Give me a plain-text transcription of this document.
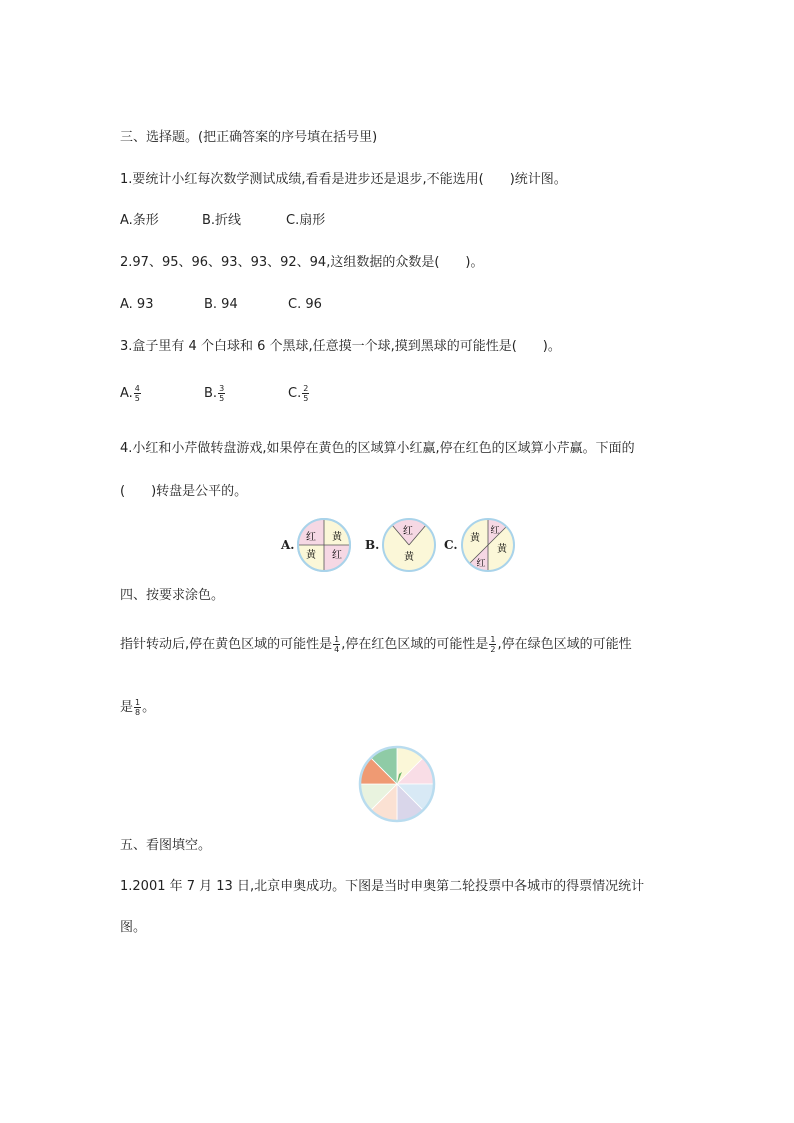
三、选择题。(把正确答案的序号填在括号里)
1.要统计小红每次数学测试成绩,看看是进步还是退步,不能选用(　　)统计图。
A.条形	B.折线	C.扇形
2.97、95、96、93、93、92、94,这组数据的众数是(　　)。
A. 93	B. 94	C. 96
3.盒子里有 4 个白球和 6 个黑球,任意摸一个球,摸到黑球的可能性是(　　)。
A. $\frac{4}{5}$	B. $\frac{3}{5}$	C. $\frac{2}{5}$
4.小红和小芹做转盘游戏,如果停在黄色的区域算小红赢,停在红色的区域算小芹赢。下面的
(　　)转盘是公平的。
A.
红 黄
黄 红
B.
红
黄
C.
红
黄
黄
红
四、按要求涂色。
指针转动后,停在黄色区域的可能性是 $\frac{1}{4}$ ,停在红色区域的可能性是 $\frac{1}{2}$ ,停在绿色区域的可能性
是 $\frac{1}{8}$ 。
五、看图填空。
1.2001 年 7 月 13 日,北京申奥成功。下图是当时申奥第二轮投票中各城市的得票情况统计
图。
